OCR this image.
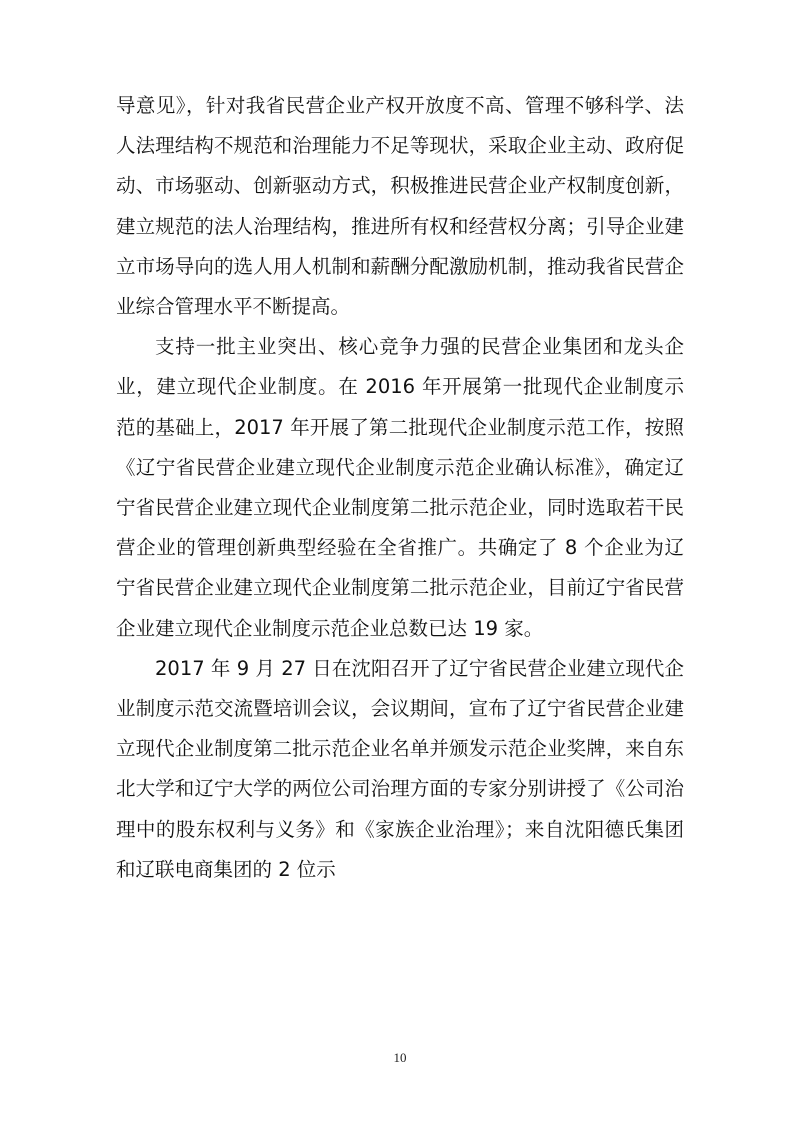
导意见》，针对我省民营企业产权开放度不高、管理不够科学、法人法理结构不规范和治理能力不足等现状，采取企业主动、政府促动、市场驱动、创新驱动方式，积极推进民营企业产权制度创新，建立规范的法人治理结构，推进所有权和经营权分离；引导企业建立市场导向的选人用人机制和薪酬分配激励机制，推动我省民营企业综合管理水平不断提高。

支持一批主业突出、核心竞争力强的民营企业集团和龙头企业，建立现代企业制度。在 2016 年开展第一批现代企业制度示范的基础上，2017 年开展了第二批现代企业制度示范工作，按照《辽宁省民营企业建立现代企业制度示范企业确认标准》，确定辽宁省民营企业建立现代企业制度第二批示范企业，同时选取若干民营企业的管理创新典型经验在全省推广。共确定了 8 个企业为辽宁省民营企业建立现代企业制度第二批示范企业，目前辽宁省民营企业建立现代企业制度示范企业总数已达 19 家。

2017 年 9 月 27 日在沈阳召开了辽宁省民营企业建立现代企业制度示范交流暨培训会议，会议期间，宣布了辽宁省民营企业建立现代企业制度第二批示范企业名单并颁发示范企业奖牌，来自东北大学和辽宁大学的两位公司治理方面的专家分别讲授了《公司治理中的股东权利与义务》和《家族企业治理》；来自沈阳德氏集团和辽联电商集团的 2 位示

10
